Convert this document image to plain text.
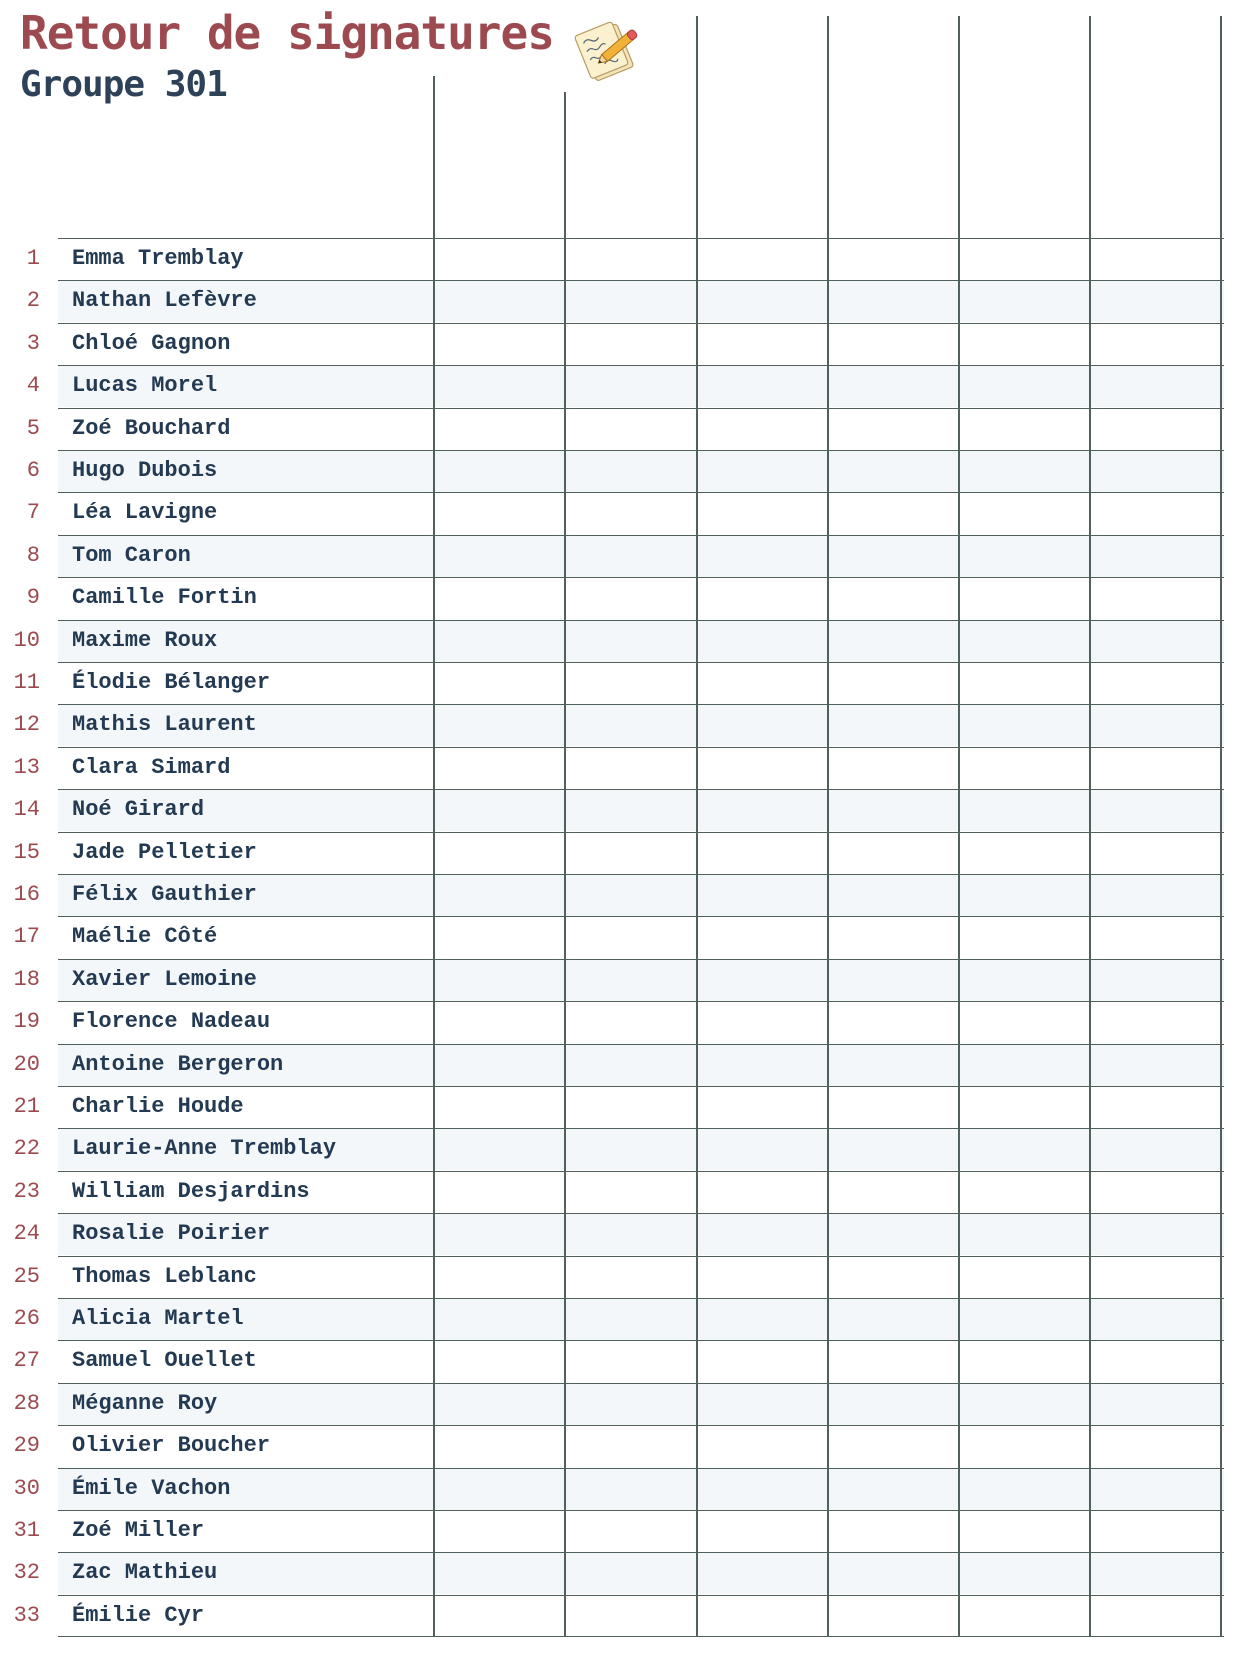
Retour de signatures
Groupe 301
1 Emma Tremblay
2 Nathan Lefèvre
3 Chloé Gagnon
4 Lucas Morel
5 Zoé Bouchard
6 Hugo Dubois
7 Léa Lavigne
8 Tom Caron
9 Camille Fortin
10 Maxime Roux
11 Élodie Bélanger
12 Mathis Laurent
13 Clara Simard
14 Noé Girard
15 Jade Pelletier
16 Félix Gauthier
17 Maélie Côté
18 Xavier Lemoine
19 Florence Nadeau
20 Antoine Bergeron
21 Charlie Houde
22 Laurie-Anne Tremblay
23 William Desjardins
24 Rosalie Poirier
25 Thomas Leblanc
26 Alicia Martel
27 Samuel Ouellet
28 Méganne Roy
29 Olivier Boucher
30 Émile Vachon
31 Zoé Miller
32 Zac Mathieu
33 Émilie Cyr
